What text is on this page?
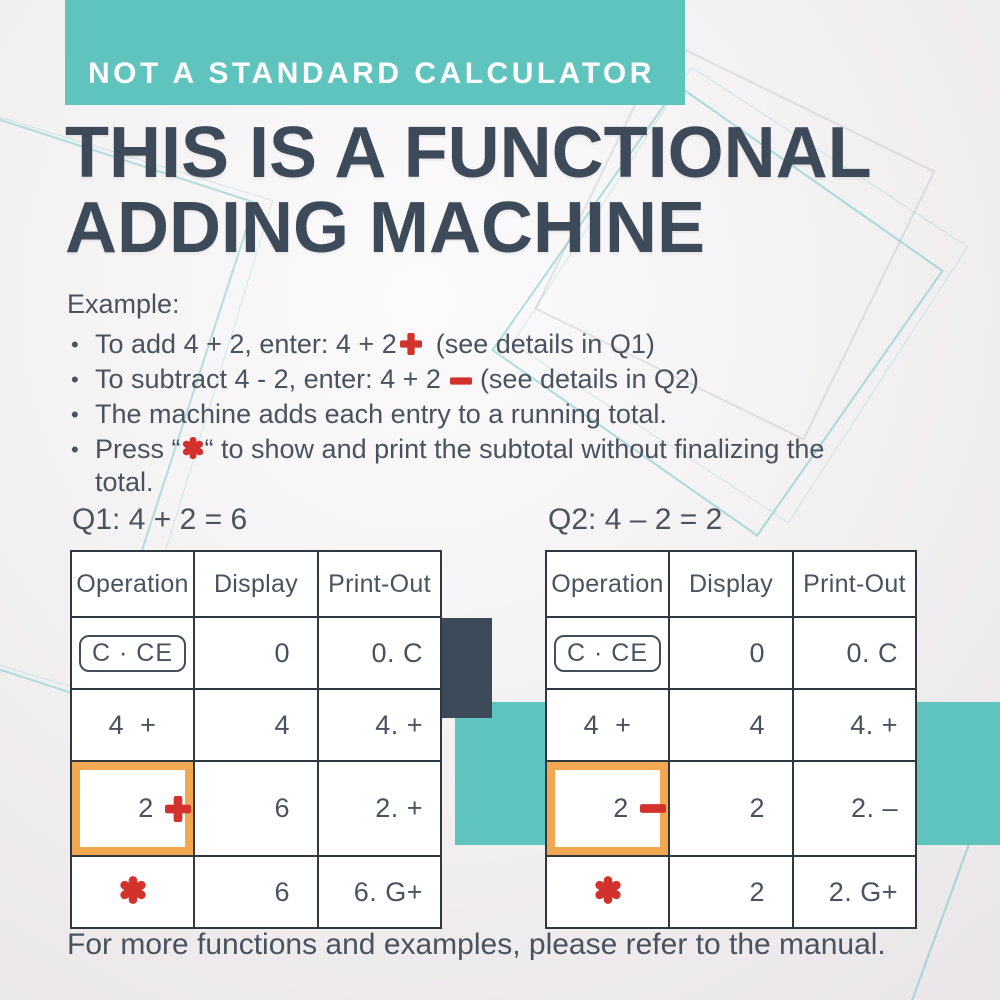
NOT A STANDARD CALCULATOR
THIS IS A FUNCTIONAL
ADDING MACHINE
Example:
• To add 4 + 2, enter: 4 + 2 (see details in Q1)
• To subtract 4 - 2, enter: 4 + 2 (see details in Q2)
• The machine adds each entry to a running total.
• Press “ “ to show and print the subtotal without finalizing the total.
Q1: 4 + 2 = 6
Operation	Display	Print-Out
C · CE	0	0. C
4  +	4	4. +

2	6	2. +
	6	6. G+
Q2: 4 – 2 = 2
Operation	Display	Print-Out
C · CE	0	0. C
4  +	4	4. +

2	2	2. –
	2	2. G+
For more functions and examples, please refer to the manual.
